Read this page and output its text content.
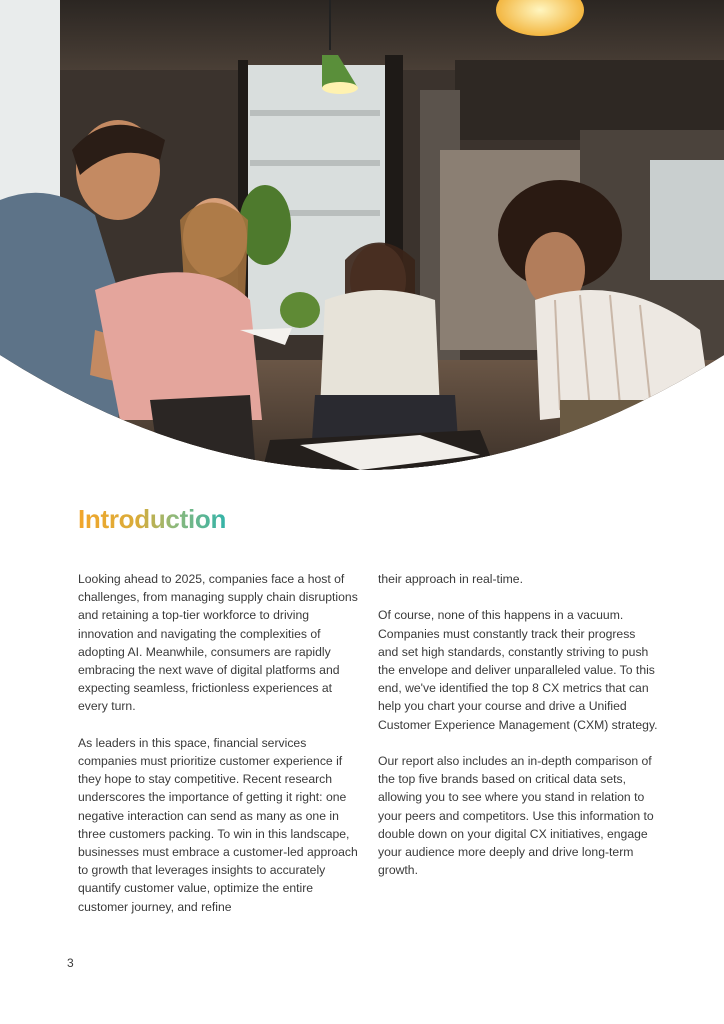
Introduction

Looking ahead to 2025, companies face a host of challenges, from managing supply chain disruptions and retaining a top-tier workforce to driving innovation and navigating the complexities of adopting AI. Meanwhile, consumers are rapidly embracing the next wave of digital platforms and expecting seamless, frictionless experiences at every turn.

As leaders in this space, financial services companies must prioritize customer experience if they hope to stay competitive. Recent research underscores the importance of getting it right: one negative interaction can send as many as one in three customers packing. To win in this landscape, businesses must embrace a customer-led approach to growth that leverages insights to accurately quantify customer value, optimize the entire customer journey, and refine

their approach in real-time.

Of course, none of this happens in a vacuum. Companies must constantly track their progress and set high standards, constantly striving to push the envelope and deliver unparalleled value. To this end, we've identified the top 8 CX metrics that can help you chart your course and drive a Unified Customer Experience Management (CXM) strategy.

Our report also includes an in-depth comparison of the top five brands based on critical data sets, allowing you to see where you stand in relation to your peers and competitors. Use this information to double down on your digital CX initiatives, engage your audience more deeply and drive long-term growth.

3
